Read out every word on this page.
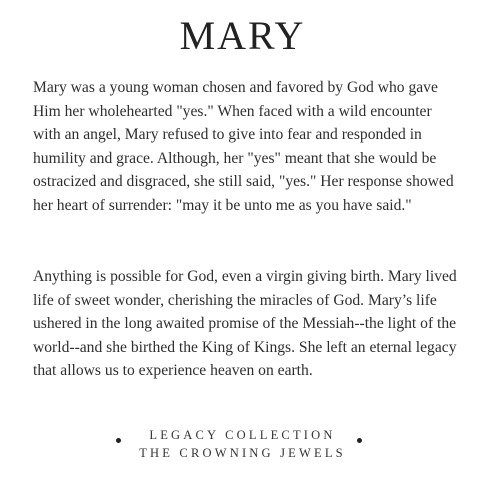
MARY

Mary was a young woman chosen and favored by God who gave Him her wholehearted "yes." When faced with a wild encounter with an angel, Mary refused to give into fear and responded in humility and grace. Although, her "yes" meant that she would be ostracized and disgraced, she still said, "yes." Her response showed her heart of surrender: "may it be unto me as you have said."

Anything is possible for God, even a virgin giving birth. Mary lived life of sweet wonder, cherishing the miracles of God. Mary’s life ushered in the long awaited promise of the Messiah--the light of the world--and she birthed the King of Kings. She left an eternal legacy that allows us to experience heaven on earth.

LEGACY COLLECTION
THE CROWNING JEWELS
